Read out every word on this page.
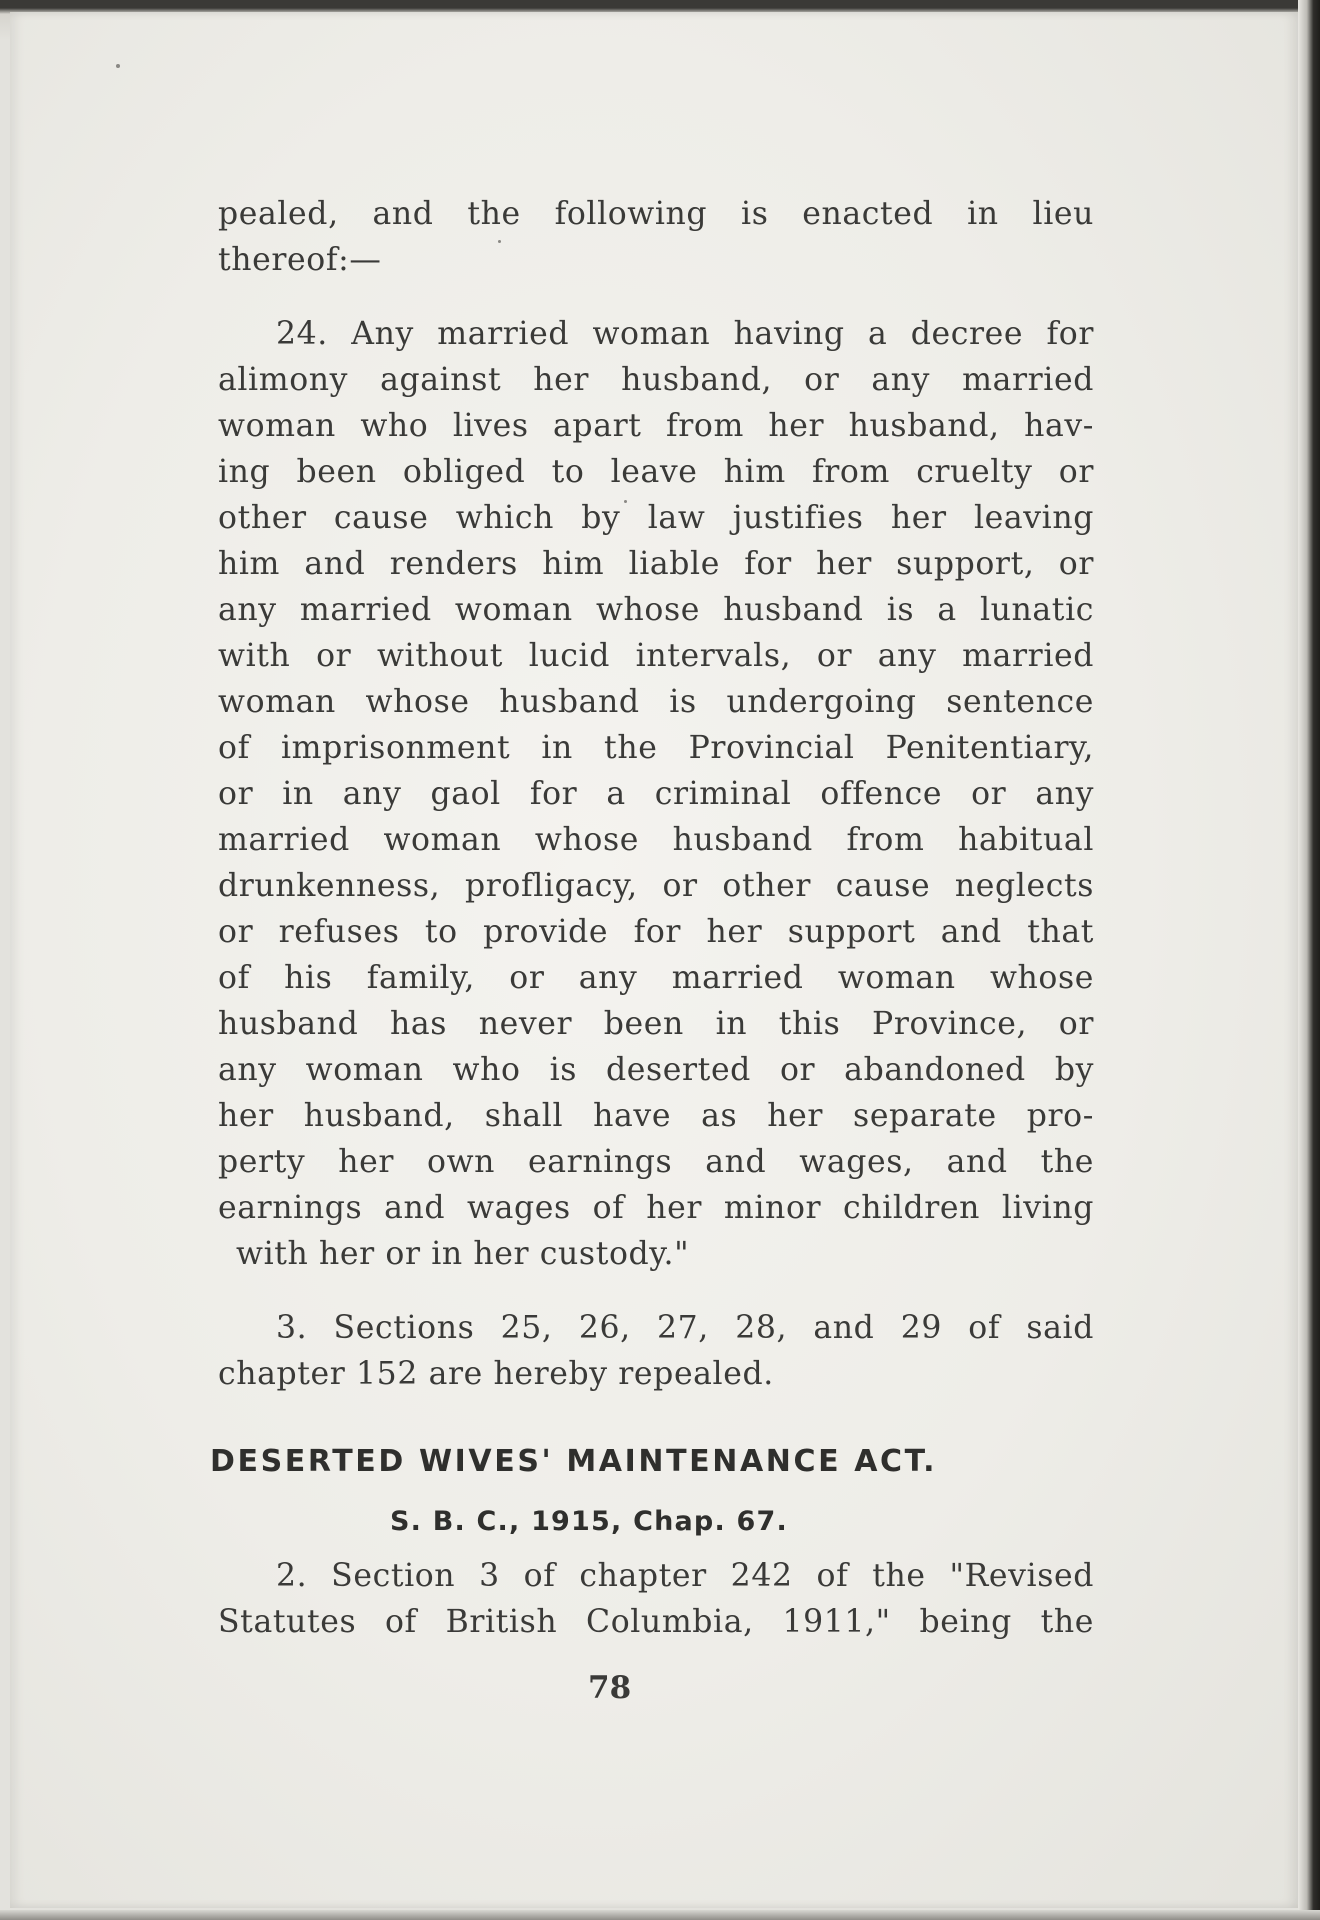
pealed, and the following is enacted in lieu
thereof:—
24. Any married woman having a decree for
alimony against her husband, or any married
woman who lives apart from her husband, hav-
ing been obliged to leave him from cruelty or
other cause which by law justifies her leaving
him and renders him liable for her support, or
any married woman whose husband is a lunatic
with or without lucid intervals, or any married
woman whose husband is undergoing sentence
of imprisonment in the Provincial Penitentiary,
or in any gaol for a criminal offence or any
married woman whose husband from habitual
drunkenness, profligacy, or other cause neglects
or refuses to provide for her support and that
of his family, or any married woman whose
husband has never been in this Province, or
any woman who is deserted or abandoned by
her husband, shall have as her separate pro-
perty her own earnings and wages, and the
earnings and wages of her minor children living
with her or in her custody."
3. Sections 25, 26, 27, 28, and 29 of said
chapter 152 are hereby repealed.
DESERTED WIVES' MAINTENANCE ACT.
S. B. C., 1915, Chap. 67.
2. Section 3 of chapter 242 of the "Revised
Statutes of British Columbia, 1911," being the
78
